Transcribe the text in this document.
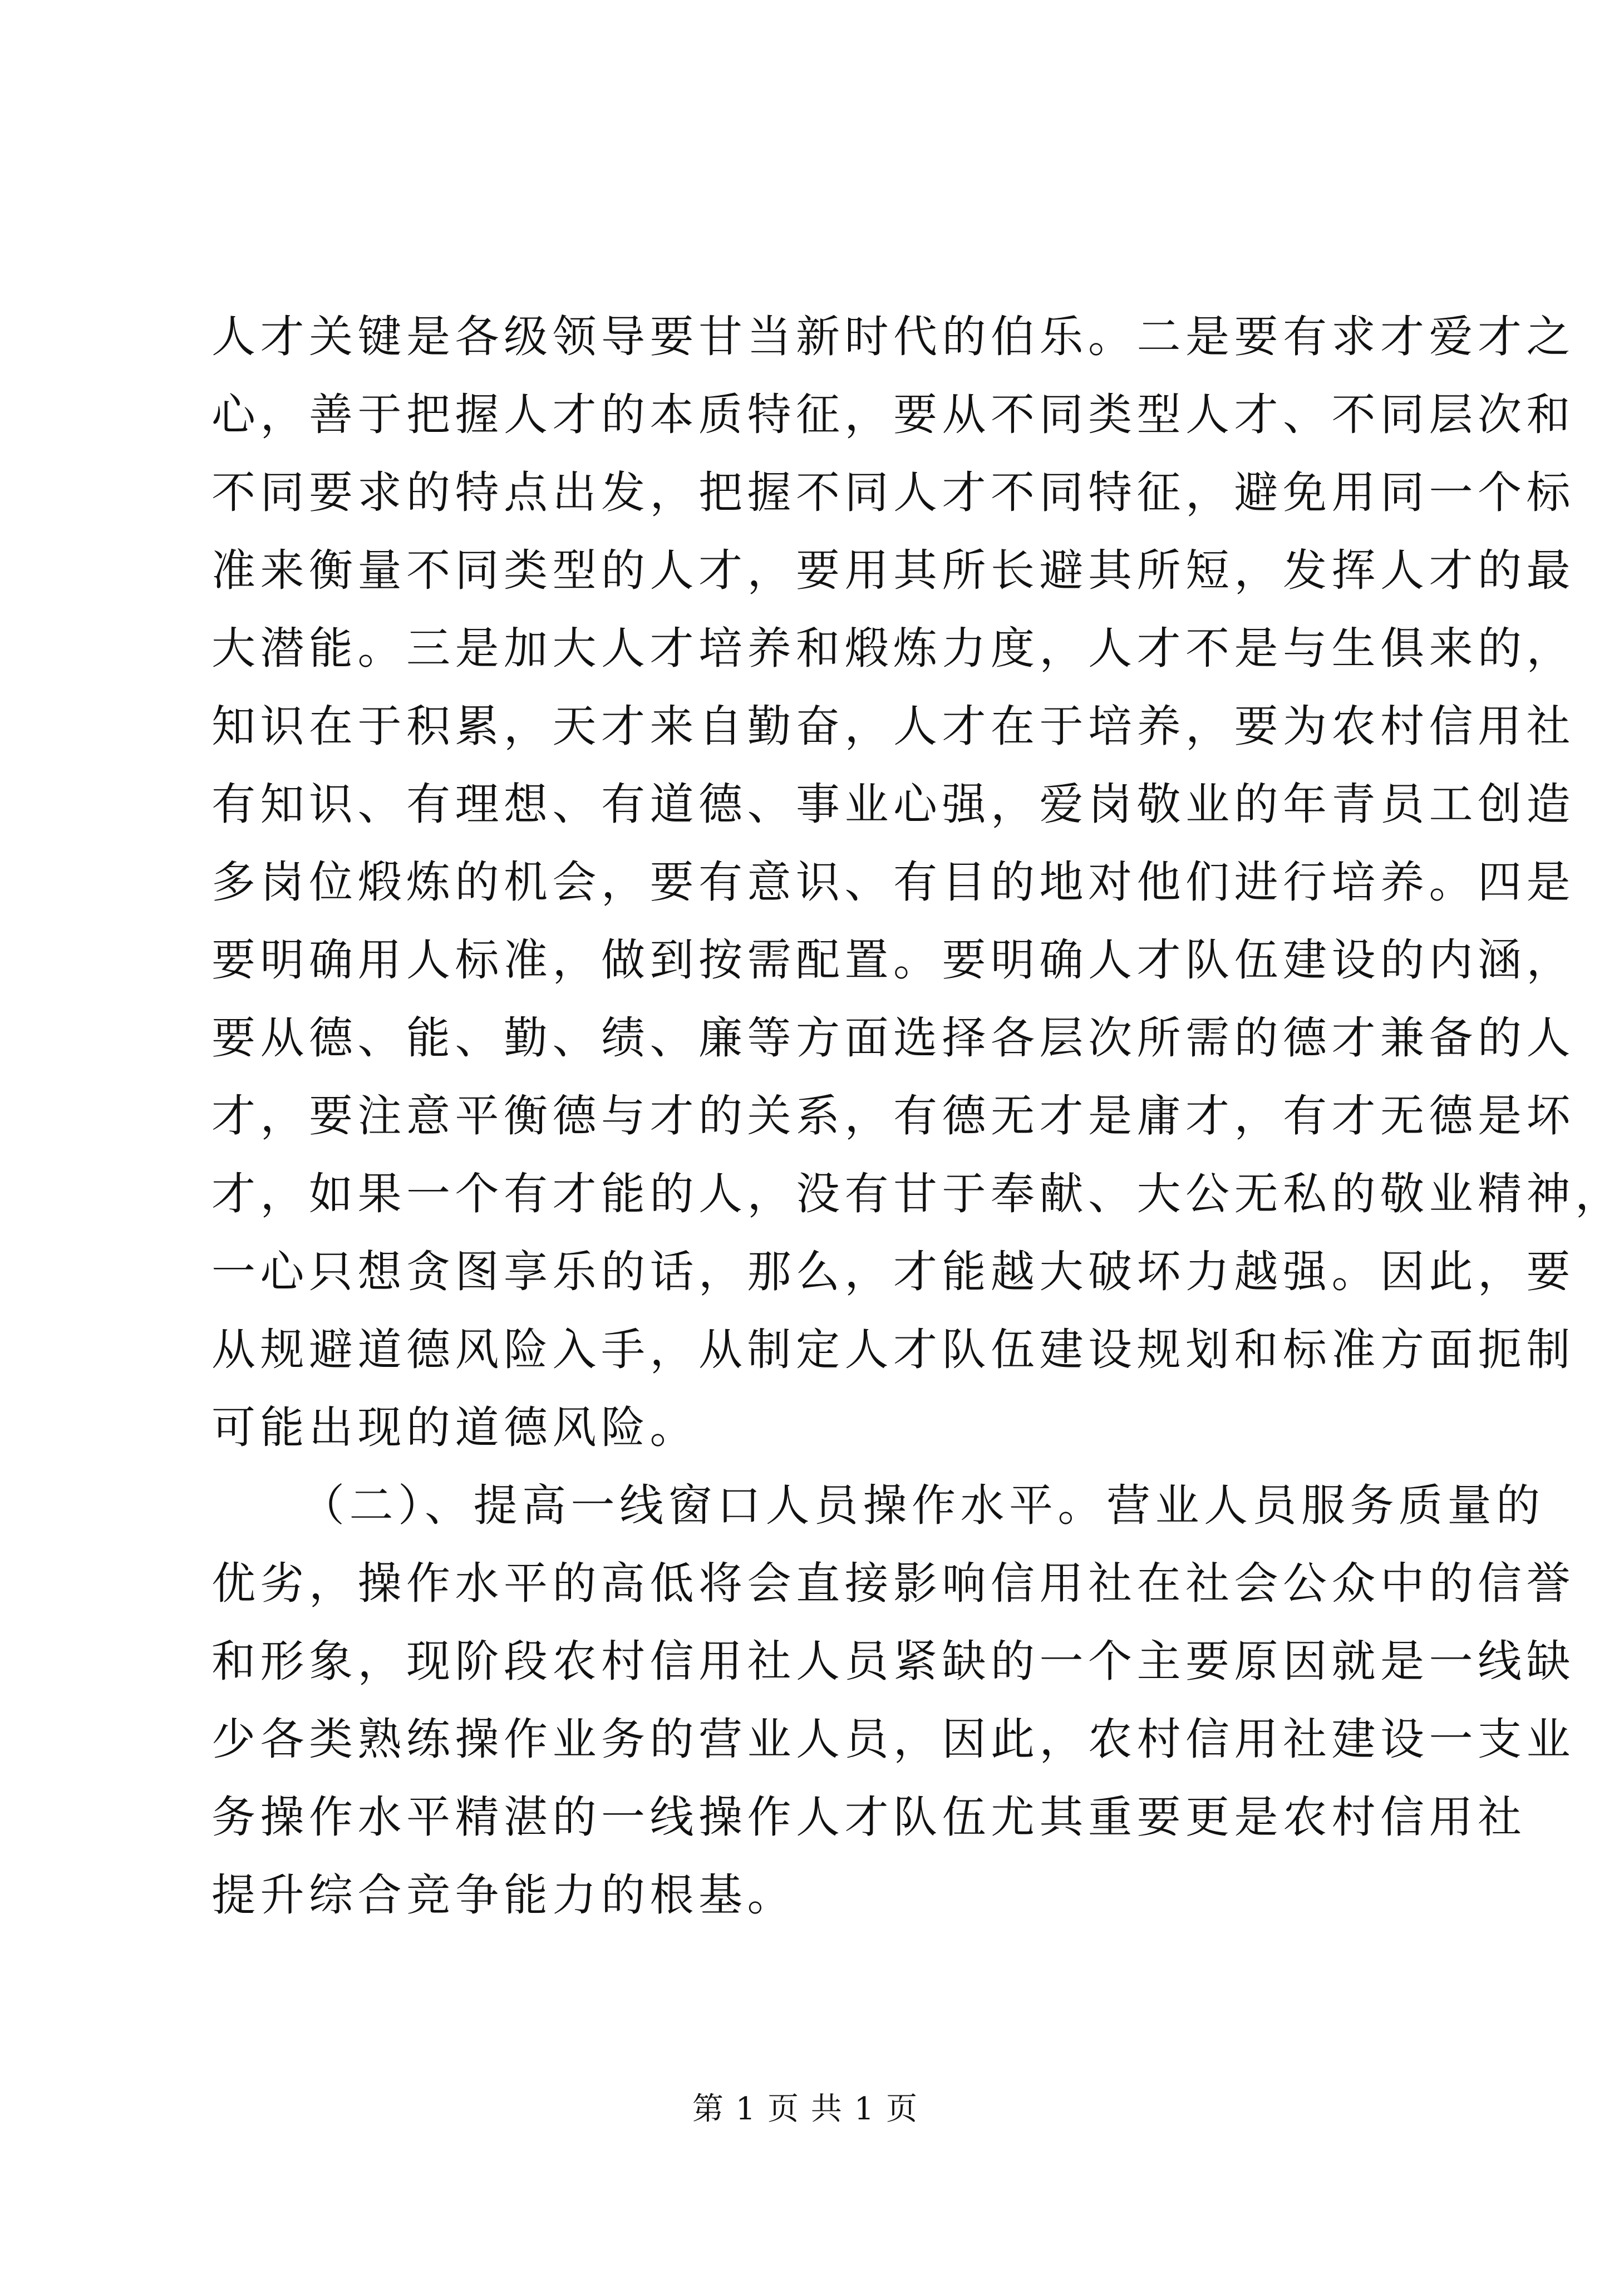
人才关键是各级领导要甘当新时代的伯乐。二是要有求才爱才之
心，善于把握人才的本质特征，要从不同类型人才、不同层次和
不同要求的特点出发，把握不同人才不同特征，避免用同一个标
准来衡量不同类型的人才，要用其所长避其所短，发挥人才的最
大潜能。三是加大人才培养和煅炼力度，人才不是与生俱来的，
知识在于积累，天才来自勤奋，人才在于培养，要为农村信用社
有知识、有理想、有道德、事业心强，爱岗敬业的年青员工创造
多岗位煅炼的机会，要有意识、有目的地对他们进行培养。四是
要明确用人标准，做到按需配置。要明确人才队伍建设的内涵，
要从德、能、勤、绩、廉等方面选择各层次所需的德才兼备的人
才，要注意平衡德与才的关系，有德无才是庸才，有才无德是坏
才，如果一个有才能的人，没有甘于奉献、大公无私的敬业精神，
一心只想贪图享乐的话，那么，才能越大破坏力越强。因此，要
从规避道德风险入手，从制定人才队伍建设规划和标准方面扼制
可能出现的道德风险。
（二）、提高一线窗口人员操作水平。营业人员服务质量的
优劣，操作水平的高低将会直接影响信用社在社会公众中的信誉
和形象，现阶段农村信用社人员紧缺的一个主要原因就是一线缺
少各类熟练操作业务的营业人员，因此，农村信用社建设一支业
务操作水平精湛的一线操作人才队伍尤其重要更是农村信用社
提升综合竞争能力的根基。
第 1 页 共 1 页
